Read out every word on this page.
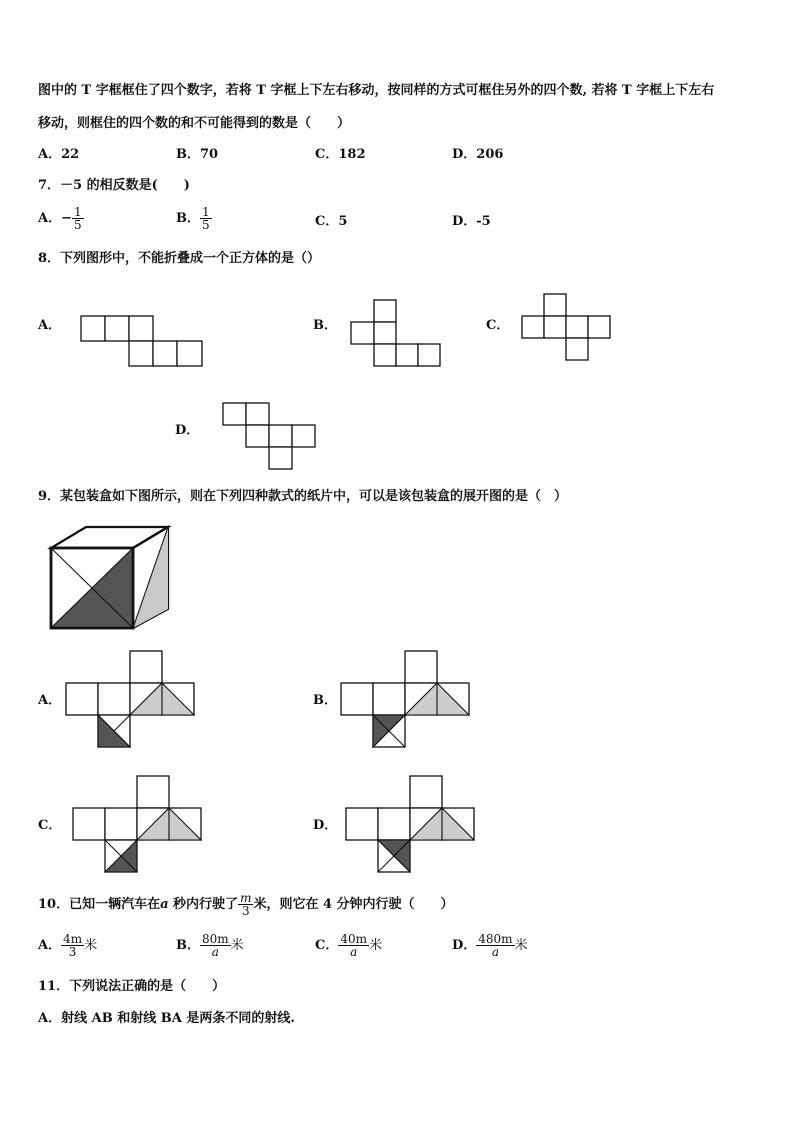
图中的 T 字框框住了四个数字，若将 T 字框上下左右移动，按同样的方式可框住另外的四个数, 若将 T 字框上下左右
移动，则框住的四个数的和不可能得到的数是（　　）
A．22	B．70	C．182	D．206
7．－5 的相反数是(　　)
A．− $\frac{1}{5}$	B． $\frac{1}{5}$	C．5	D．-5
8．下列图形中，不能折叠成一个正方体的是（）
A．	B．	C．
D．
9．某包装盒如下图所示，则在下列四种款式的纸片中，可以是该包装盒的展开图的是（　）
A．	B．
C．	D．
10．已知一辆汽车在a 秒内行驶了 $\frac{m}{3}$ 米，则它在 4 分钟内行驶（　　）
A． $\frac{4m}{3}$ 米	B． $\frac{80m}{a}$ 米	C． $\frac{40m}{a}$ 米	D． $\frac{480m}{a}$ 米
11．下列说法正确的是（　　）
A．射线 AB 和射线 BA 是两条不同的射线.
